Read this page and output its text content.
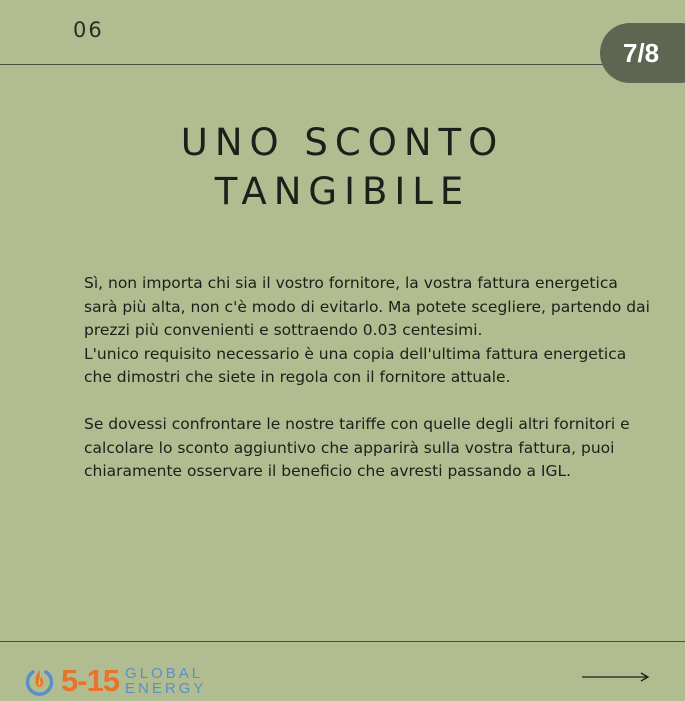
06
7/8
UNO SCONTO
TANGIBILE

Sì, non importa chi sia il vostro fornitore, la vostra fattura energetica sarà più alta, non c'è modo di evitarlo. Ma potete scegliere, partendo dai prezzi più convenienti e sottraendo 0.03 centesimi.

L'unico requisito necessario è una copia dell'ultima fattura energetica che dimostri che siete in regola con il fornitore attuale.

Se dovessi confrontare le nostre tariffe con quelle degli altri fornitori e calcolare lo sconto aggiuntivo che apparirà sulla vostra fattura, puoi chiaramente osservare il beneficio che avresti passando a IGL.

5-15 GLOBAL
ENERGY
